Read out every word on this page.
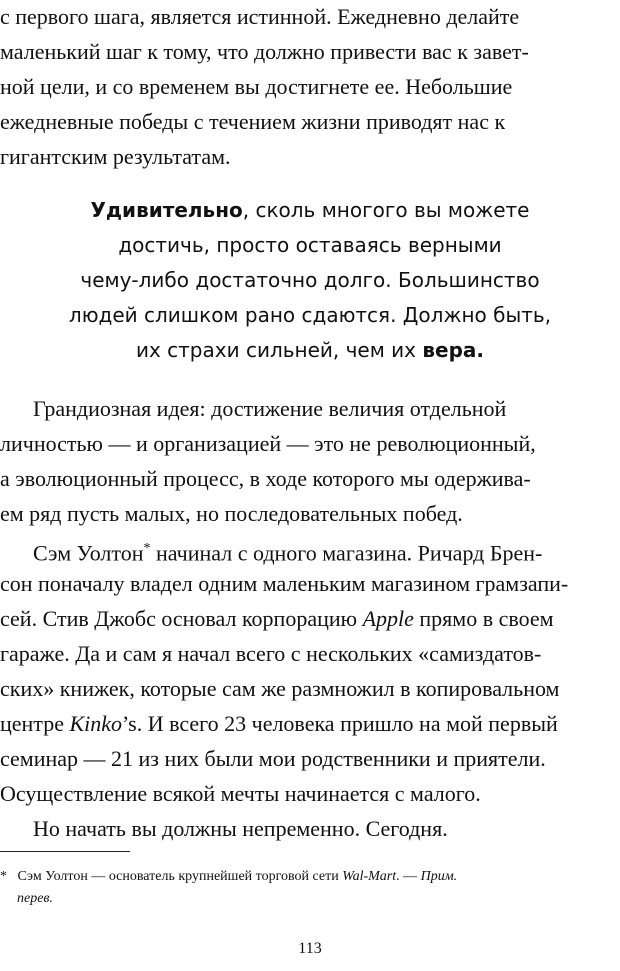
с первого шага, является истинной. Ежедневно делайте
маленький шаг к тому, что должно привести вас к завет-
ной цели, и со временем вы достигнете ее. Небольшие
ежедневные победы с течением жизни приводят нас к
гигантским результатам.
Удивительно, сколь многого вы можете
достичь, просто оставаясь верными
чему-либо достаточно долго. Большинство
людей слишком рано сдаются. Должно быть,
их страхи сильней, чем их вера.
Грандиозная идея: достижение величия отдельной
личностью — и организацией — это не революционный,
а эволюционный процесс, в ходе которого мы одержива-
ем ряд пусть малых, но последовательных побед.
Сэм Уолтон* начинал с одного магазина. Ричард Брен-
сон поначалу владел одним маленьким магазином грамзапи-
сей. Стив Джобс основал корпорацию Apple прямо в своем
гараже. Да и сам я начал всего с нескольких «самиздатов-
ских» книжек, которые сам же размножил в копировальном
центре Kinko’s. И всего 23 человека пришло на мой первый
семинар — 21 из них были мои родственники и приятели.
Осуществление всякой мечты начинается с малого.
Но начать вы должны непременно. Сегодня.
* Сэм Уолтон — основатель крупнейшей торговой сети Wal-Mart. — Прим.
перев.
113
